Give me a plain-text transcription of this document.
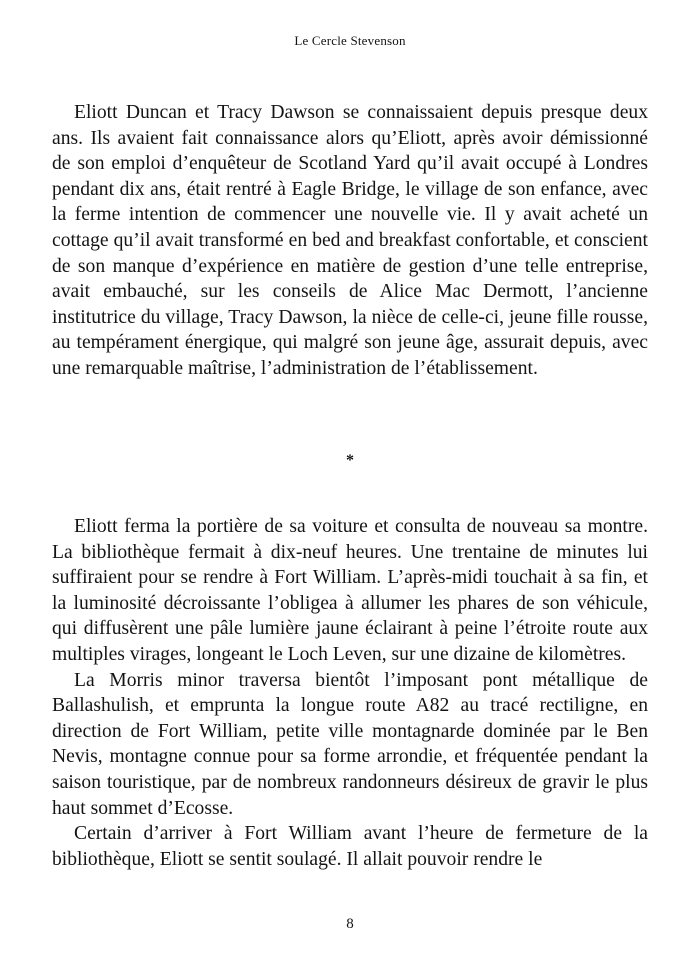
Le Cercle Stevenson

Eliott Duncan et Tracy Dawson se connaissaient depuis presque deux ans. Ils avaient fait connaissance alors qu’Eliott, après avoir démissionné de son emploi d’enquêteur de Scotland Yard qu’il avait occupé à Londres pendant dix ans, était rentré à Eagle Bridge, le village de son enfance, avec la ferme intention de commencer une nouvelle vie. Il y avait acheté un cottage qu’il avait transformé en bed and breakfast confortable, et conscient de son manque d’expérience en matière de gestion d’une telle entreprise, avait embauché, sur les conseils de Alice Mac Dermott, l’ancienne institutrice du village, Tracy Dawson, la nièce de celle-ci, jeune fille rousse, au tempérament énergique, qui malgré son jeune âge, assurait depuis, avec une remarquable maîtrise, l’administration de l’établissement.

*

Eliott ferma la portière de sa voiture et consulta de nouveau sa montre. La bibliothèque fermait à dix-neuf heures. Une trentaine de minutes lui suffiraient pour se rendre à Fort William. L’après-midi touchait à sa fin, et la luminosité décroissante l’obligea à allumer les phares de son véhicule, qui diffusèrent une pâle lumière jaune éclairant à peine l’étroite route aux multiples virages, longeant le Loch Leven, sur une dizaine de kilomètres.

La Morris minor traversa bientôt l’imposant pont métallique de Ballashulish, et emprunta la longue route A82 au tracé rectiligne, en direction de Fort William, petite ville montagnarde dominée par le Ben Nevis, montagne connue pour sa forme arrondie, et fréquentée pendant la saison touristique, par de nombreux randonneurs désireux de gravir le plus haut sommet d’Ecosse.

Certain d’arriver à Fort William avant l’heure de fermeture de la bibliothèque, Eliott se sentit soulagé. Il allait pouvoir rendre le

8
